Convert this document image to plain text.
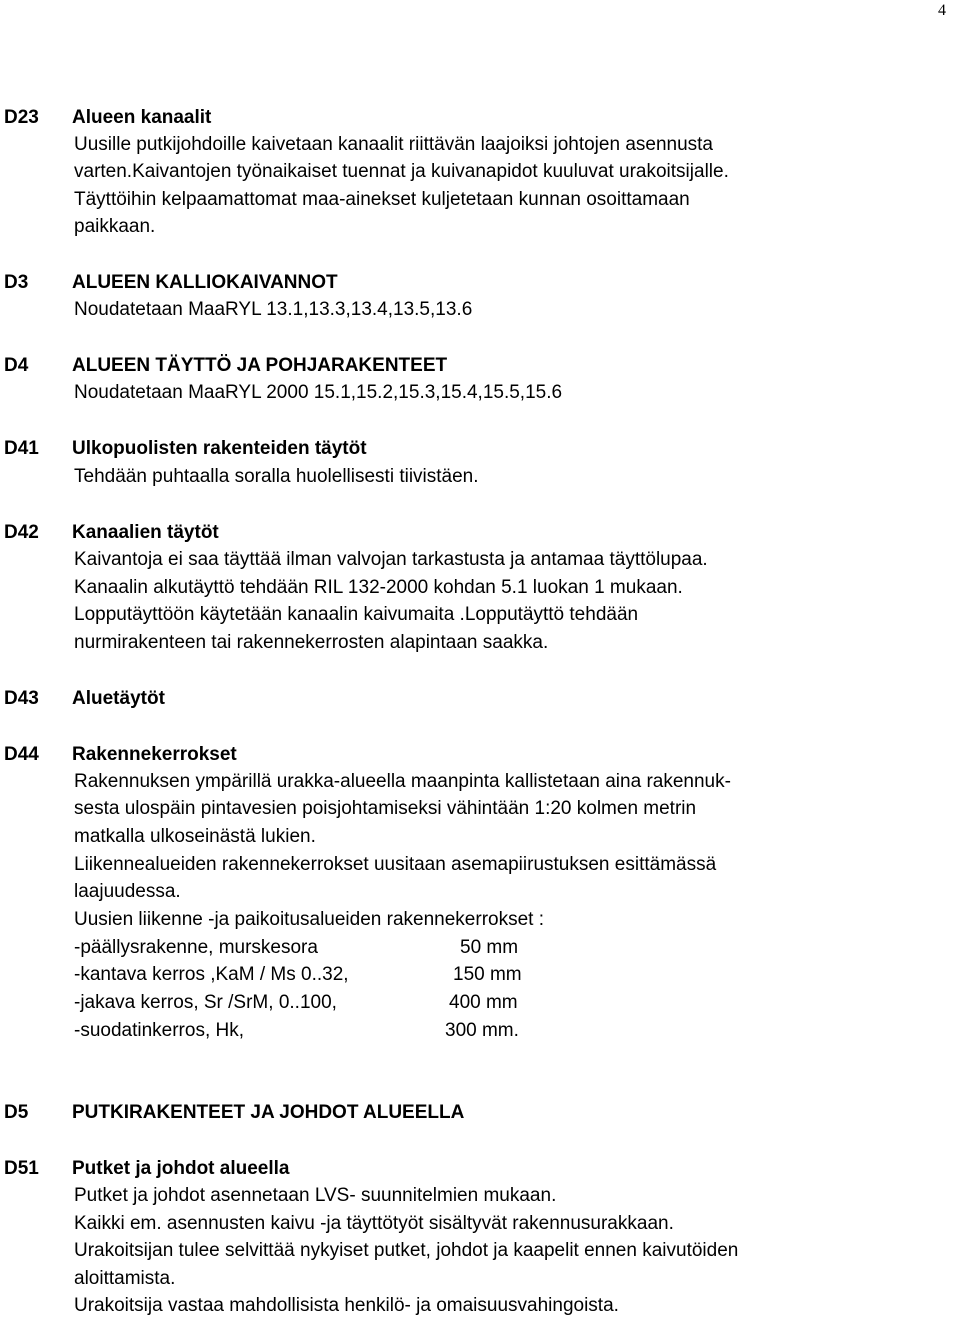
4
D23 Alueen kanaalit
Uusille putkijohdoille kaivetaan kanaalit riittävän laajoiksi johtojen asennusta
varten.Kaivantojen työnaikaiset tuennat ja kuivanapidot kuuluvat urakoitsijalle.
Täyttöihin kelpaamattomat maa-ainekset kuljetetaan kunnan osoittamaan
paikkaan.
D3 ALUEEN KALLIOKAIVANNOT
Noudatetaan MaaRYL 13.1,13.3,13.4,13.5,13.6
D4 ALUEEN TÄYTTÖ JA POHJARAKENTEET
Noudatetaan MaaRYL 2000 15.1,15.2,15.3,15.4,15.5,15.6
D41 Ulkopuolisten rakenteiden täytöt
Tehdään puhtaalla soralla huolellisesti tiivistäen.
D42 Kanaalien täytöt
Kaivantoja ei saa täyttää ilman valvojan tarkastusta ja antamaa täyttölupaa.
Kanaalin alkutäyttö tehdään RIL 132-2000 kohdan 5.1 luokan 1 mukaan.
Lopputäyttöön käytetään kanaalin kaivumaita .Lopputäyttö tehdään
nurmirakenteen tai rakennekerrosten alapintaan saakka.
D43 Aluetäytöt
D44 Rakennekerrokset
Rakennuksen ympärillä urakka-alueella maanpinta kallistetaan aina rakennuk-
sesta ulospäin pintavesien poisjohtamiseksi vähintään 1:20 kolmen metrin
matkalla ulkoseinästä lukien.
Liikennealueiden rakennekerrokset uusitaan asemapiirustuksen esittämässä
laajuudessa.
Uusien liikenne -ja paikoitusalueiden rakennekerrokset :
-päällysrakenne, murskesora	50 mm
-kantava kerros ,KaM / Ms 0..32,	150 mm
-jakava kerros, Sr /SrM, 0..100,	400 mm
-suodatinkerros, Hk,	300 mm.
D5 PUTKIRAKENTEET JA JOHDOT ALUEELLA
D51 Putket ja johdot alueella
Putket ja johdot asennetaan LVS- suunnitelmien mukaan.
Kaikki em. asennusten kaivu -ja täyttötyöt sisältyvät rakennusurakkaan.
Urakoitsijan tulee selvittää nykyiset putket, johdot ja kaapelit ennen kaivutöiden
aloittamista.
Urakoitsija vastaa mahdollisista henkilö- ja omaisuusvahingoista.
